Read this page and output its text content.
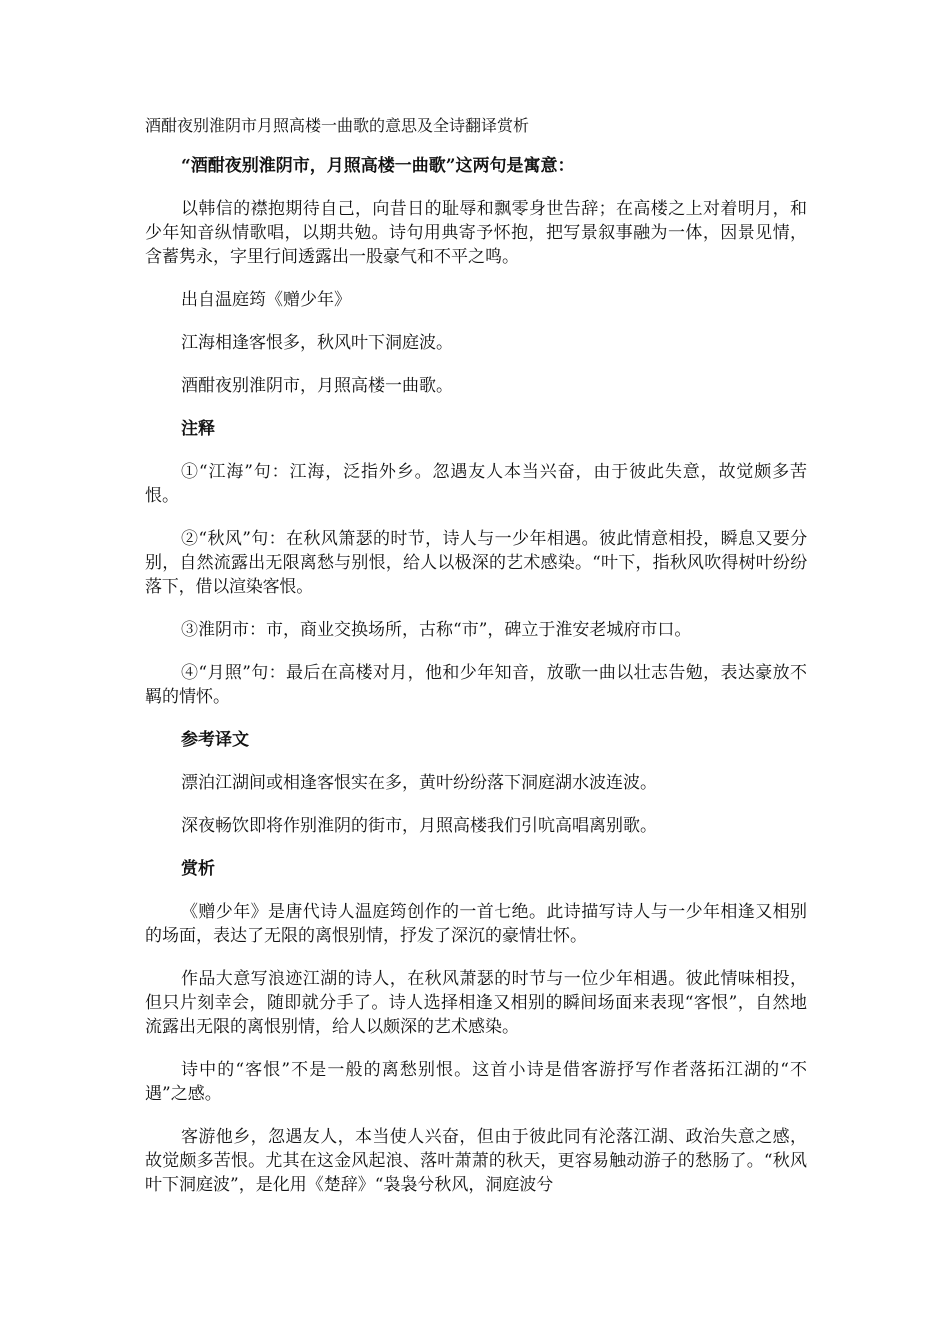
酒酣夜别淮阴市月照高楼一曲歌的意思及全诗翻译赏析

“酒酣夜别淮阴市，月照高楼一曲歌”这两句是寓意：

以韩信的襟抱期待自己，向昔日的耻辱和飘零身世告辞；在高楼之上对着明月，和少年知音纵情歌唱，以期共勉。诗句用典寄予怀抱，把写景叙事融为一体，因景见情，含蓄隽永，字里行间透露出一股豪气和不平之鸣。

出自温庭筠《赠少年》

江海相逢客恨多，秋风叶下洞庭波。

酒酣夜别淮阴市，月照高楼一曲歌。

注释

①“江海”句：江海，泛指外乡。忽遇友人本当兴奋，由于彼此失意，故觉颇多苦恨。

②“秋风”句：在秋风箫瑟的时节，诗人与一少年相遇。彼此情意相投，瞬息又要分别，自然流露出无限离愁与别恨，给人以极深的艺术感染。“叶下，指秋风吹得树叶纷纷落下，借以渲染客恨。

③淮阴市：市，商业交换场所，古称“市”，碑立于淮安老城府市口。

④“月照”句：最后在高楼对月，他和少年知音，放歌一曲以壮志告勉，表达豪放不羁的情怀。

参考译文

漂泊江湖间或相逢客恨实在多，黄叶纷纷落下洞庭湖水波连波。

深夜畅饮即将作别淮阴的街市，月照高楼我们引吭高唱离别歌。

赏析

《赠少年》是唐代诗人温庭筠创作的一首七绝。此诗描写诗人与一少年相逢又相别的场面，表达了无限的离恨别情，抒发了深沉的豪情壮怀。

作品大意写浪迹江湖的诗人，在秋风萧瑟的时节与一位少年相遇。彼此情味相投，但只片刻幸会，随即就分手了。诗人选择相逢又相别的瞬间场面来表现“客恨”，自然地流露出无限的离恨别情，给人以颇深的艺术感染。

诗中的“客恨”不是一般的离愁别恨。这首小诗是借客游抒写作者落拓江湖的“不遇”之感。

客游他乡，忽遇友人，本当使人兴奋，但由于彼此同有沦落江湖、政治失意之感，故觉颇多苦恨。尤其在这金风起浪、落叶萧萧的秋天，更容易触动游子的愁肠了。“秋风叶下洞庭波”，是化用《楚辞》“袅袅兮秋风，洞庭波兮
